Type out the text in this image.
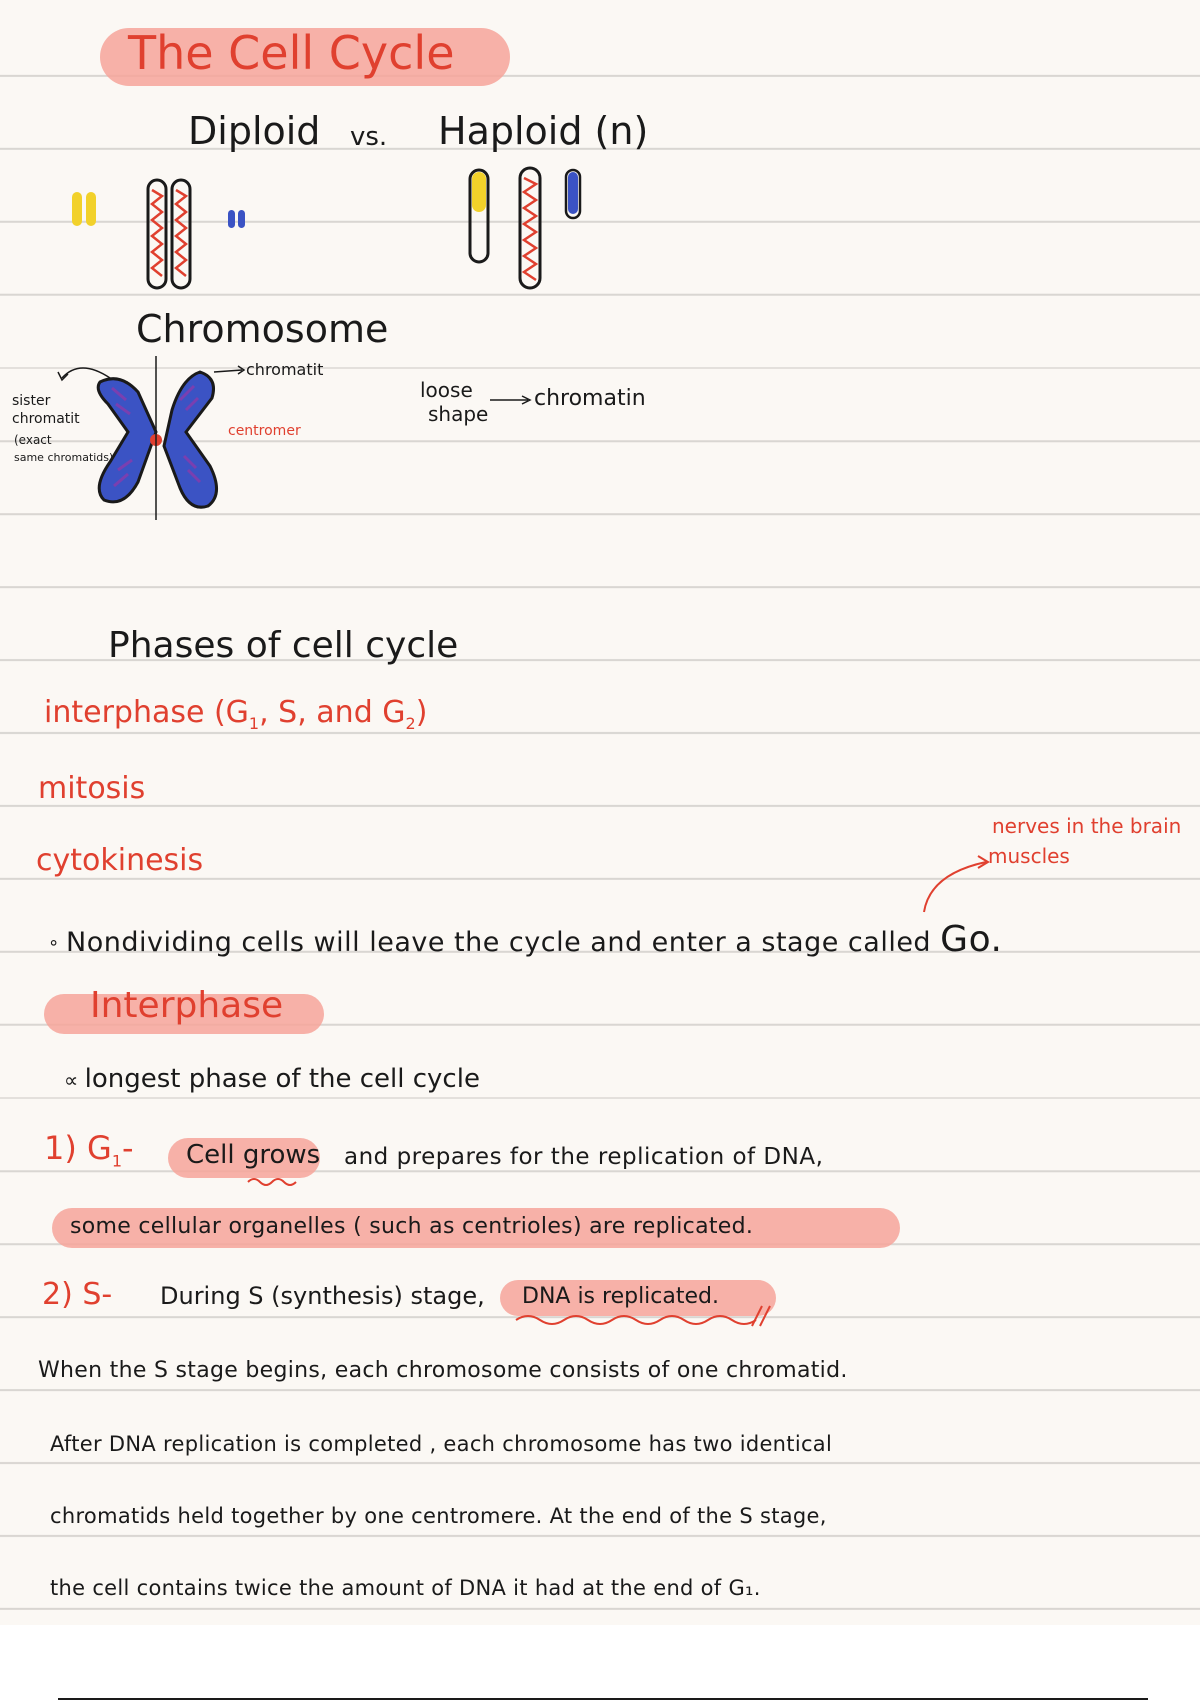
The Cell Cycle
Diploid vs. Haploid (n)
Chromosome
chromatit
centromer
sister
chromatit
(exact
same chromatids)
loose
shape
chromatin
Phases of cell cycle
interphase ($G_1$, S, and $G_2$)
mitosis
cytokinesis
nerves in the brain
muscles
∘ Nondividing cells will leave the cycle and enter a stage called Go.
Interphase
∝ longest phase of the cell cycle
1) $G_1-$ Cell grows and prepares for the replication of DNA,
some cellular organelles ( such as centrioles) are replicated.
2) S- During S (synthesis) stage, DNA is replicated.
When the S stage begins, each chromosome consists of one chromatid.
After DNA replication is completed , each chromosome has two identical
chromatids held together by one centromere. At the end of the S stage,
the cell contains twice the amount of DNA it had at the end of G₁.
